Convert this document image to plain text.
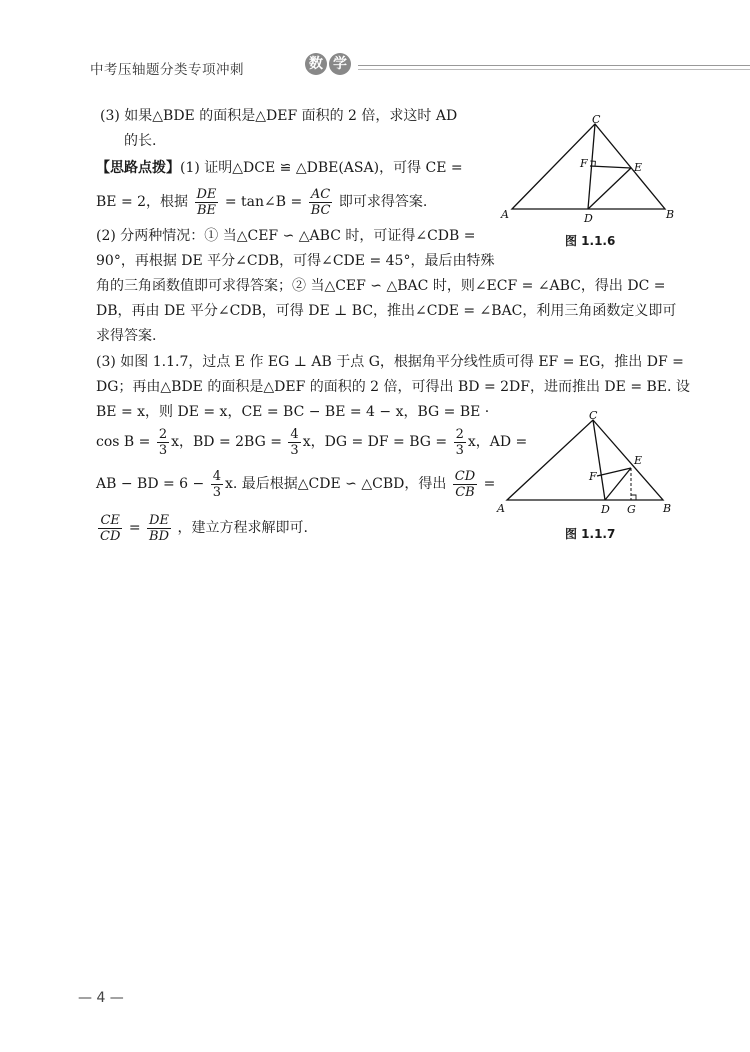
中考压轴题分类专项冲刺	数 学
(3) 如果△BDE 的面积是△DEF 面积的 2 倍，求这时 AD
的长.
【思路点拨】(1) 证明△DCE ≌ △DBE(ASA)，可得 CE =
BE = 2，根据 $\frac{DE}{BE}$ = tan∠B = $\frac{AC}{BC}$ 即可求得答案.
(2) 分两种情况：① 当△CEF ∽ △ABC 时，可证得∠CDB =
90°，再根据 DE 平分∠CDB，可得∠CDE = 45°，最后由特殊
角的三角函数值即可求得答案；② 当△CEF ∽ △BAC 时，则∠ECF = ∠ABC，得出 DC =
DB，再由 DE 平分∠CDB，可得 DE ⊥ BC，推出∠CDE = ∠BAC，利用三角函数定义即可
求得答案.
(3) 如图 1.1.7，过点 E 作 EG ⊥ AB 于点 G，根据角平分线性质可得 EF = EG，推出 DF =
DG；再由△BDE 的面积是△DEF 的面积的 2 倍，可得出 BD = 2DF，进而推出 DE = BE. 设
BE = x，则 DE = x，CE = BC − BE = 4 − x，BG = BE ·
$\cos B = \frac{2}{3}$ x，BD = $2BG = \frac{4}{3}$ x，DG = DF = BG = $\frac{2}{3}$ x，AD =
AB − BD = $6 - \frac{4}{3} x$. 最后根据△CDE ∽ △CBD，得出 $\frac{CD}{CB}$ =
$\frac{CE}{CD} = \frac{DE}{BD}$ ，建立方程求解即可.
A	B
C
D
E
F
图 1.1.6
A	B
C
D
E
F
G
图 1.1.7
— 4 —
